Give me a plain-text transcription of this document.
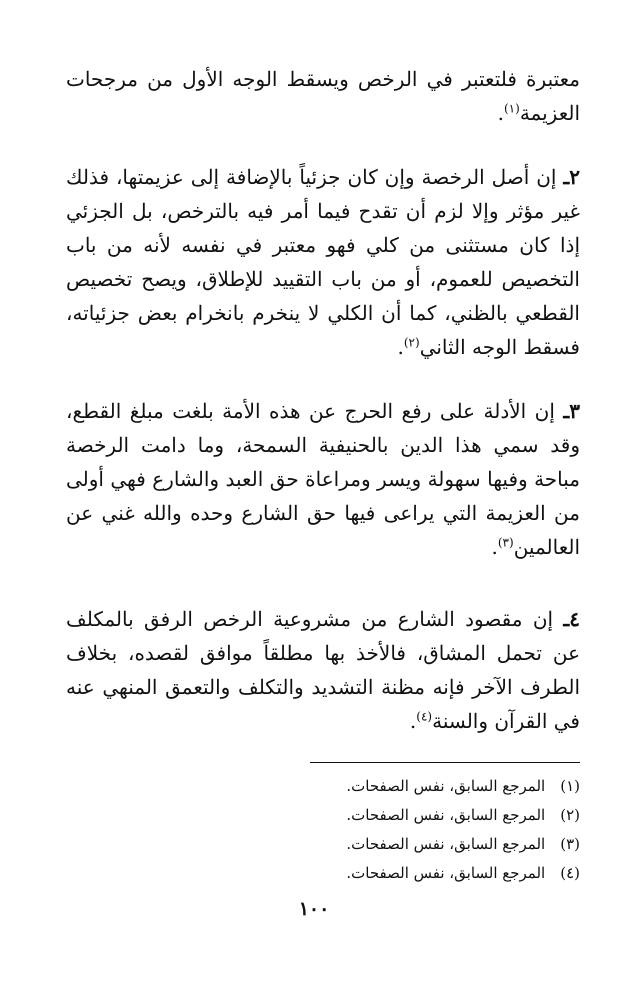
معتبرة فلتعتبر في الرخص ويسقط الوجه الأول من مرجحات العزيمة$^{(١)}$.

٢ـ إن أصل الرخصة وإن كان جزئياً بالإضافة إلى عزيمتها، فذلك غير مؤثر وإلا لزم أن تقدح فيما أمر فيه بالترخص، بل الجزئي إذا كان مستثنى من كلي فهو معتبر في نفسه لأنه من باب التخصيص للعموم، أو من باب التقييد للإطلاق، ويصح تخصيص القطعي بالظني، كما أن الكلي لا ينخرم بانخرام بعض جزئياته، فسقط الوجه الثاني$^{(٢)}$.

٣ـ إن الأدلة على رفع الحرج عن هذه الأمة بلغت مبلغ القطع، وقد سمي هذا الدين بالحنيفية السمحة، وما دامت الرخصة مباحة وفيها سهولة ويسر ومراعاة حق العبد والشارع فهي أولى من العزيمة التي يراعى فيها حق الشارع وحده والله غني عن العالمين$^{(٣)}$.

٤ـ إن مقصود الشارع من مشروعية الرخص الرفق بالمكلف عن تحمل المشاق، فالأخذ بها مطلقاً موافق لقصده، بخلاف الطرف الآخر فإنه مظنة التشديد والتكلف والتعمق المنهي عنه في القرآن والسنة$^{(٤)}$.

(١) المرجع السابق، نفس الصفحات.
(٢) المرجع السابق، نفس الصفحات.
(٣) المرجع السابق، نفس الصفحات.
(٤) المرجع السابق، نفس الصفحات.
١٠٠
